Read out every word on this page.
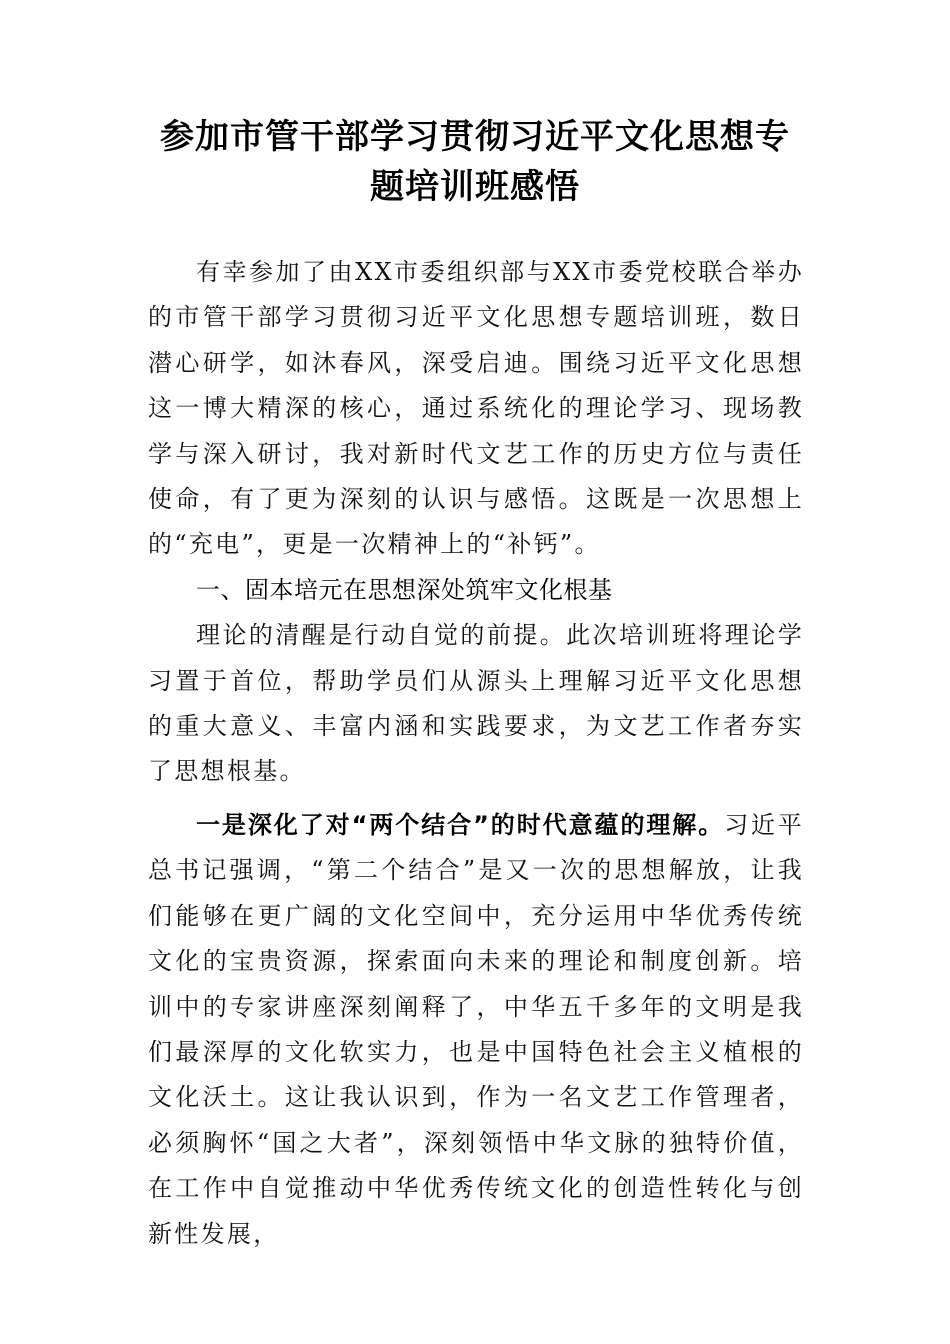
参加市管干部学习贯彻习近平文化思想专题培训班感悟

有幸参加了由XX市委组织部与XX市委党校联合举办的市管干部学习贯彻习近平文化思想专题培训班，数日潜心研学，如沐春风，深受启迪。围绕习近平文化思想这一博大精深的核心，通过系统化的理论学习、现场教学与深入研讨，我对新时代文艺工作的历史方位与责任使命，有了更为深刻的认识与感悟。这既是一次思想上的“充电”，更是一次精神上的“补钙”。

一、固本培元在思想深处筑牢文化根基

理论的清醒是行动自觉的前提。此次培训班将理论学习置于首位，帮助学员们从源头上理解习近平文化思想的重大意义、丰富内涵和实践要求，为文艺工作者夯实了思想根基。

一是深化了对“两个结合”的时代意蕴的理解。习近平总书记强调，“第二个结合”是又一次的思想解放，让我们能够在更广阔的文化空间中，充分运用中华优秀传统文化的宝贵资源，探索面向未来的理论和制度创新。培训中的专家讲座深刻阐释了，中华五千多年的文明是我们最深厚的文化软实力，也是中国特色社会主义植根的文化沃土。这让我认识到，作为一名文艺工作管理者，必须胸怀“国之大者”，深刻领悟中华文脉的独特价值，在工作中自觉推动中华优秀传统文化的创造性转化与创新性发展，
